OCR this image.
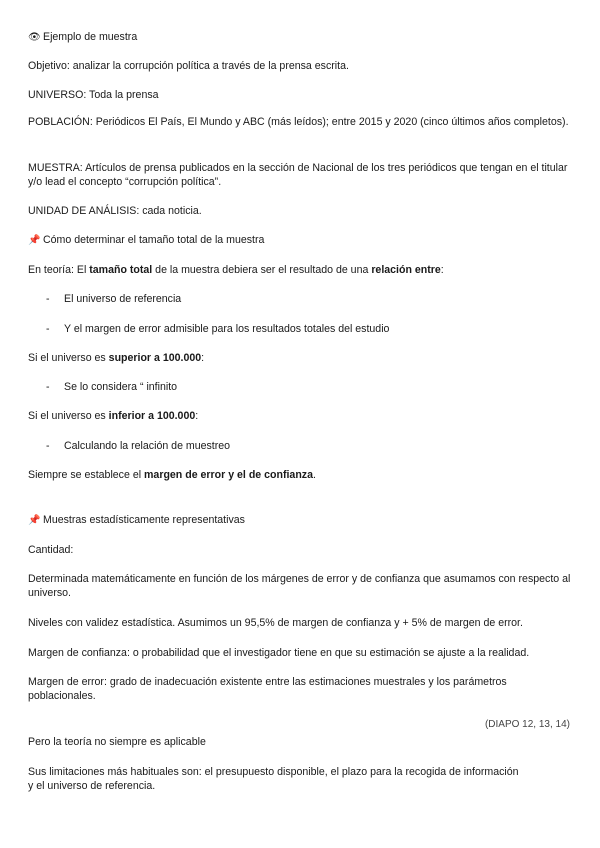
👁 Ejemplo de muestra
Objetivo: analizar la corrupción política a través de la prensa escrita.
UNIVERSO: Toda la prensa
POBLACIÓN: Periódicos El País, El Mundo y ABC (más leídos); entre 2015 y 2020 (cinco últimos años completos).
MUESTRA: Artículos de prensa publicados en la sección de Nacional de los tres periódicos que tengan en el titular y/o lead el concepto “corrupción política”.
UNIDAD DE ANÁLISIS: cada noticia.
📌 Cómo determinar el tamaño total de la muestra
En teoría: El tamaño total de la muestra debiera ser el resultado de una relación entre:
- El universo de referencia
- Y el margen de error admisible para los resultados totales del estudio
Si el universo es superior a 100.000:
- Se lo considera “ infinito
Si el universo es inferior a 100.000:
- Calculando la relación de muestreo
Siempre se establece el margen de error y el de confianza.
📌 Muestras estadísticamente representativas
Cantidad:
Determinada matemáticamente en función de los márgenes de error y de confianza que asumamos con respecto al universo.
Niveles con validez estadística. Asumimos un 95,5% de margen de confianza y + 5% de margen de error.
Margen de confianza: o probabilidad que el investigador tiene en que su estimación se ajuste a la realidad.
Margen de error: grado de inadecuación existente entre las estimaciones muestrales y los parámetros poblacionales.
(DIAPO 12, 13, 14)
Pero la teoría no siempre es aplicable
Sus limitaciones más habituales son: el presupuesto disponible, el plazo para la recogida de información
y el universo de referencia.
